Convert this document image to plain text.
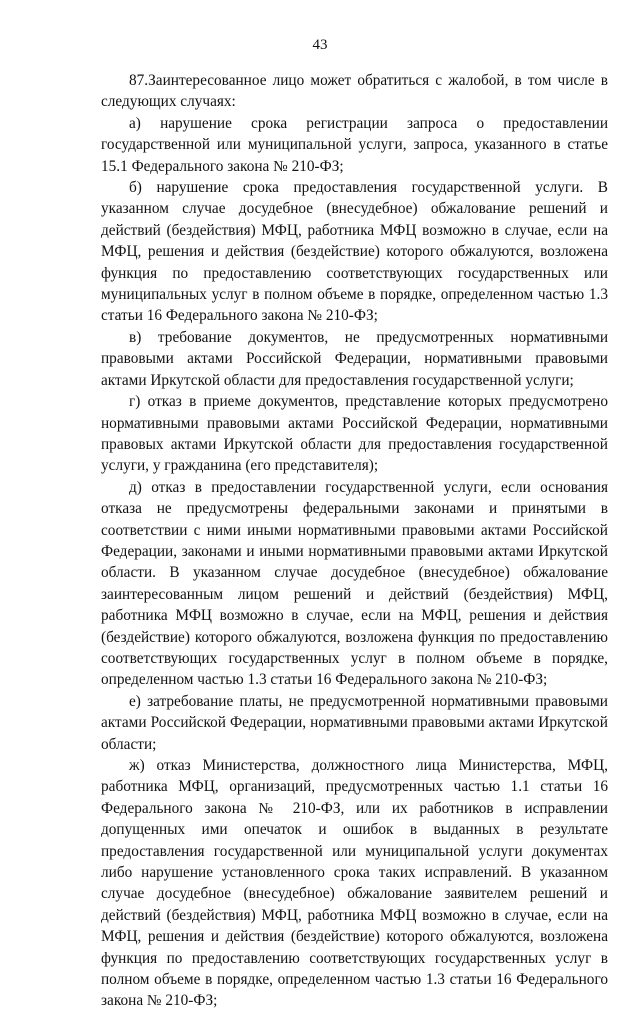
43

87.Заинтересованное лицо может обратиться с жалобой, в том числе в следующих случаях:

а) нарушение срока регистрации запроса о предоставлении государственной или муниципальной услуги, запроса, указанного в статье 15.1 Федерального закона № 210-ФЗ;

б) нарушение срока предоставления государственной услуги. В указанном случае досудебное (внесудебное) обжалование решений и действий (бездействия) МФЦ, работника МФЦ возможно в случае, если на МФЦ, решения и действия (бездействие) которого обжалуются, возложена функция по предоставлению соответствующих государственных или муниципальных услуг в полном объеме в порядке, определенном частью 1.3 статьи 16 Федерального закона № 210-ФЗ;

в) требование документов, не предусмотренных нормативными правовыми актами Российской Федерации, нормативными правовыми актами Иркутской области для предоставления государственной услуги;

г) отказ в приеме документов, представление которых предусмотрено нормативными правовыми актами Российской Федерации, нормативными правовых актами Иркутской области для предоставления государственной услуги, у гражданина (его представителя);

д) отказ в предоставлении государственной услуги, если основания отказа не предусмотрены федеральными законами и принятыми в соответствии с ними иными нормативными правовыми актами Российской Федерации, законами и иными нормативными правовыми актами Иркутской области. В указанном случае досудебное (внесудебное) обжалование заинтересованным лицом решений и действий (бездействия) МФЦ, работника МФЦ возможно в случае, если на МФЦ, решения и действия (бездействие) которого обжалуются, возложена функция по предоставлению соответствующих государственных услуг в полном объеме в порядке, определенном частью 1.3 статьи 16 Федерального закона № 210-ФЗ;

е) затребование платы, не предусмотренной нормативными правовыми актами Российской Федерации, нормативными правовыми актами Иркутской области;

ж) отказ Министерства, должностного лица Министерства, МФЦ, работника МФЦ, организаций, предусмотренных частью 1.1 статьи 16 Федерального закона № 210-ФЗ, или их работников в исправлении допущенных ими опечаток и ошибок в выданных в результате предоставления государственной или муниципальной услуги документах либо нарушение установленного срока таких исправлений. В указанном случае досудебное (внесудебное) обжалование заявителем решений и действий (бездействия) МФЦ, работника МФЦ возможно в случае, если на МФЦ, решения и действия (бездействие) которого обжалуются, возложена функция по предоставлению соответствующих государственных услуг в полном объеме в порядке, определенном частью 1.3 статьи 16 Федерального закона № 210-ФЗ;
